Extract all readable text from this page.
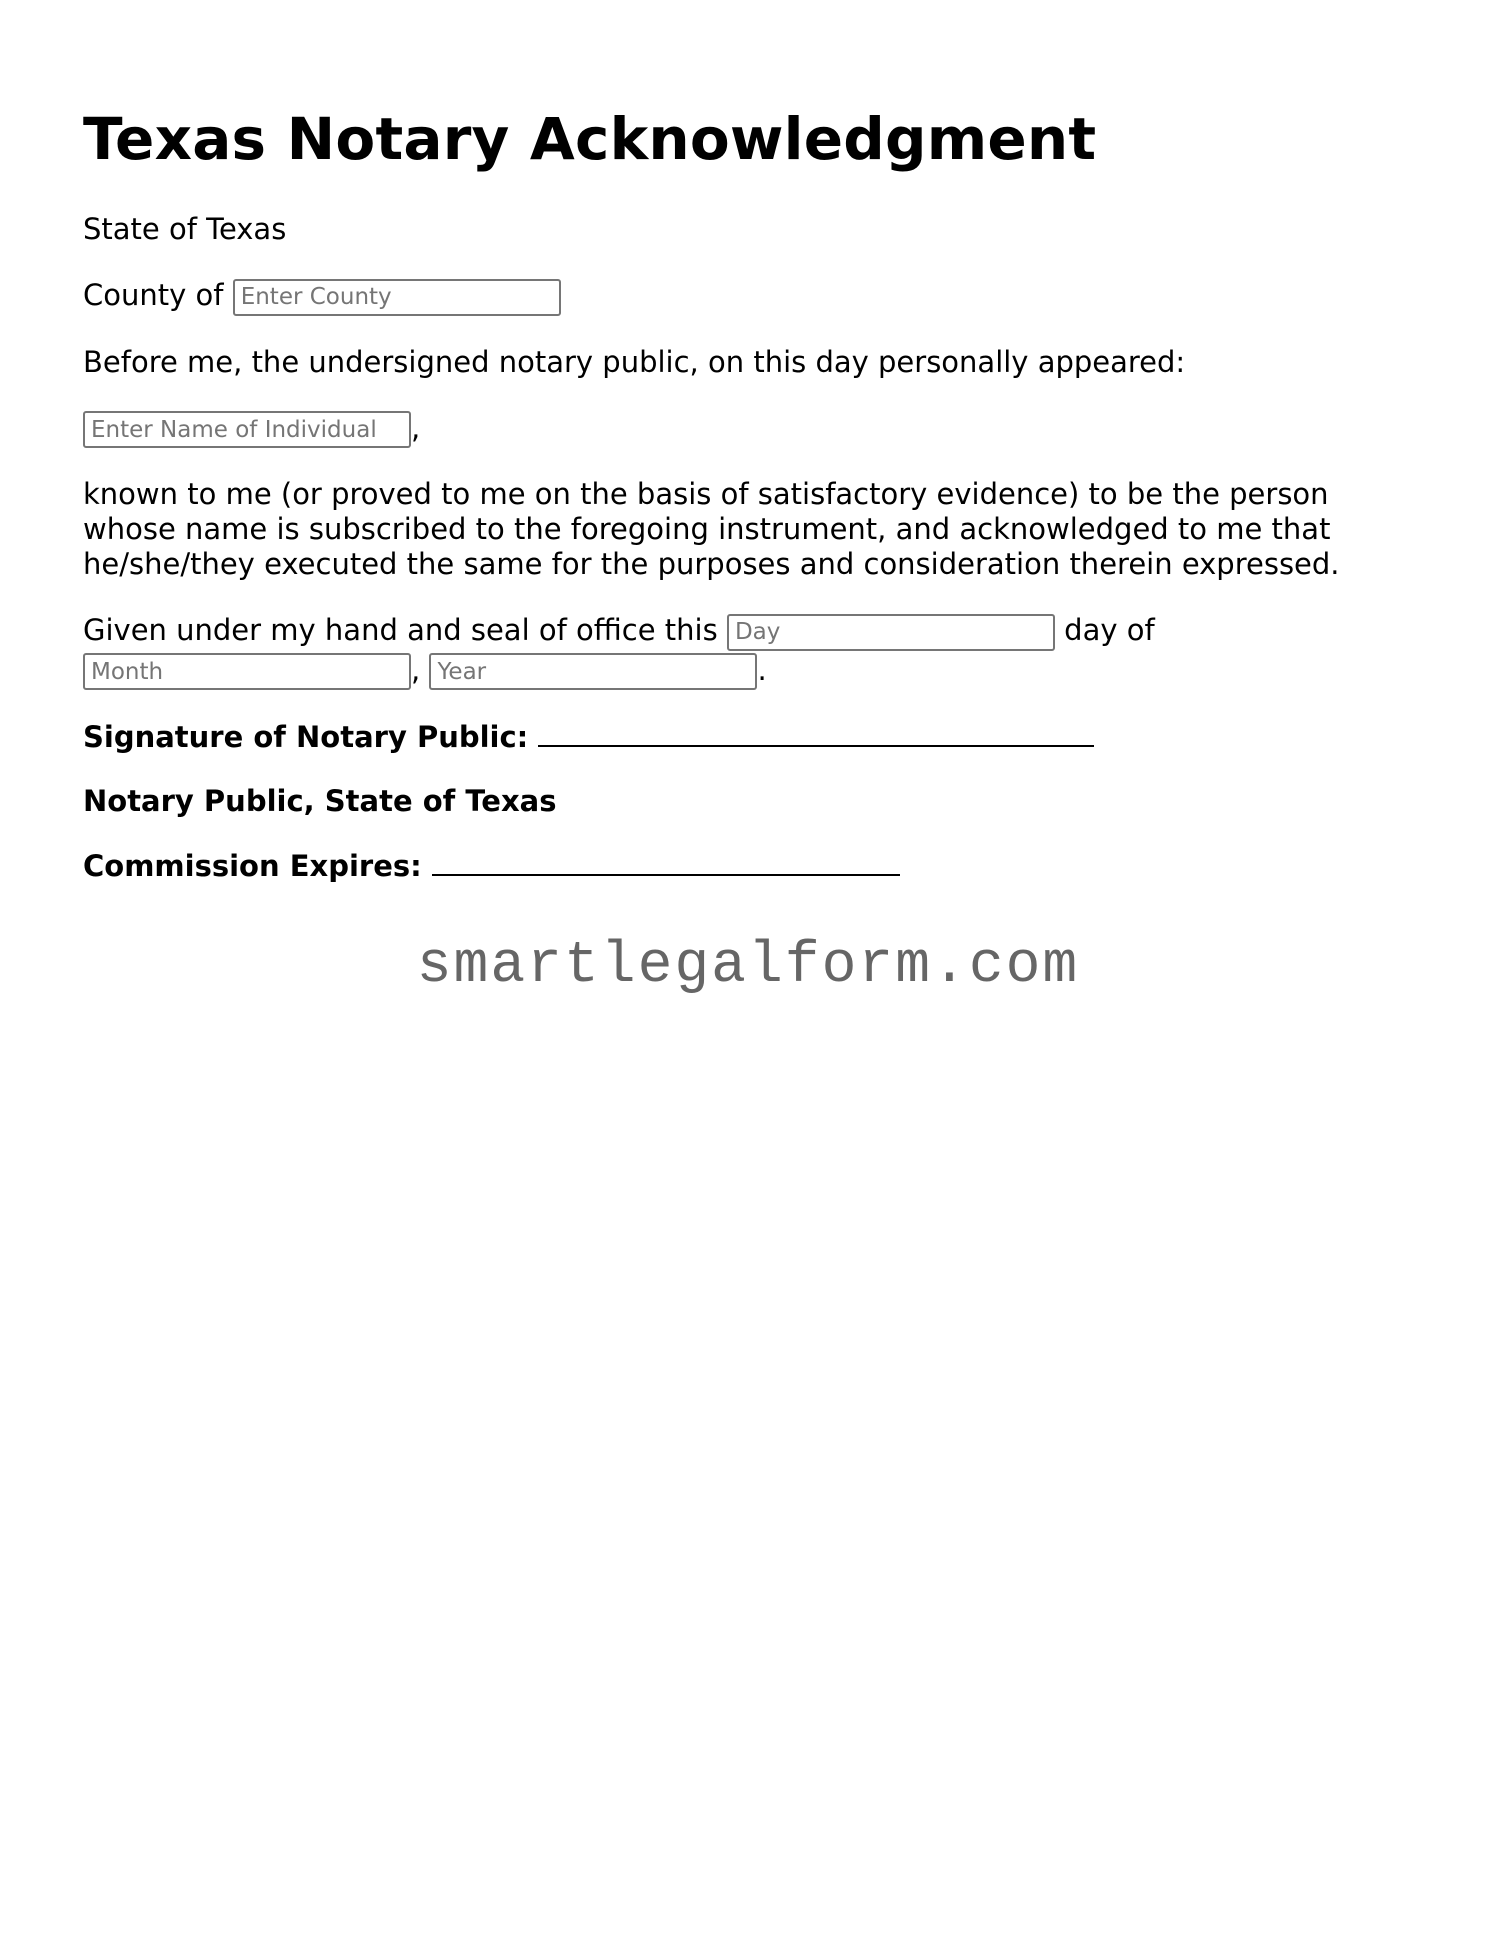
Texas Notary Acknowledgment

State of Texas

County of Enter County

Before me, the undersigned notary public, on this day personally appeared:

Enter Name of Individual,

known to me (or proved to me on the basis of satisfactory evidence) to be the person whose name is subscribed to the foregoing instrument, and acknowledged to me that he/she/they executed the same for the purposes and consideration therein expressed.

Given under my hand and seal of office this Day	day of
Month, Year	.

Signature of Notary Public:

Notary Public, State of Texas

Commission Expires:

smartlegalform.com
